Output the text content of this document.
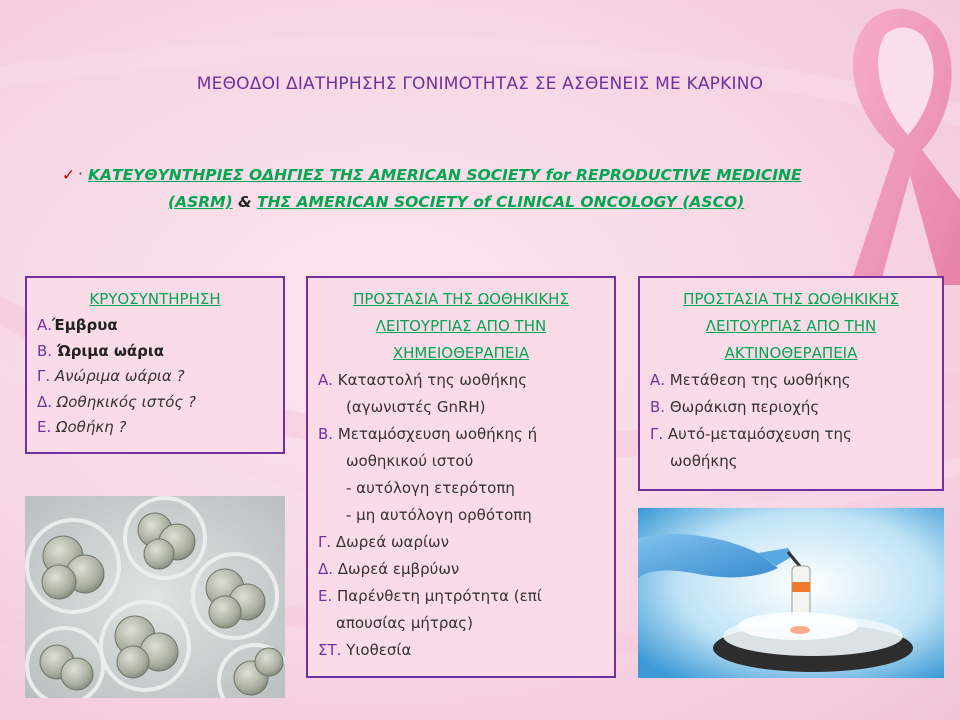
ΜΕΘΟΔΟΙ ΔΙΑΤΗΡΗΣΗΣ ΓΟΝΙΜΟΤΗΤΑΣ ΣΕ ΑΣΘΕΝΕΙΣ ΜΕ ΚΑΡΚΙΝΟ
✓ · ΚΑΤΕΥΘΥΝΤΗΡΙΕΣ ΟΔΗΓΙΕΣ ΤΗΣ AMERICAN SOCIETY for REPRODUCTIVE MEDICINE
(ASRM) & ΤΗΣ AMERICAN SOCIETY of CLINICAL ONCOLOGY (ASCO)
ΚΡΥΟΣΥΝΤΗΡΗΣΗ
Α.Έμβρυα
Β. Ώριμα ωάρια
Γ. Ανώριμα ωάρια ?
Δ. Ωοθηκικός ιστός ?
Ε. Ωοθήκη ?
ΠΡΟΣΤΑΣΙΑ ΤΗΣ ΩΟΘΗΚΙΚΗΣ ΛΕΙΤΟΥΡΓΙΑΣ ΑΠΟ ΤΗΝ ΧΗΜΕΙΟΘΕΡΑΠΕΙΑ
Α. Καταστολή της ωοθήκης
(αγωνιστές GnRH)
Β. Μεταμόσχευση ωοθήκης ή
ωοθηκικού ιστού
- αυτόλογη ετερότοπη
- μη αυτόλογη ορθότοπη
Γ. Δωρεά ωαρίων
Δ. Δωρεά εμβρύων
Ε. Παρένθετη μητρότητα (επί
απουσίας μήτρας)
ΣΤ. Υιοθεσία
ΠΡΟΣΤΑΣΙΑ ΤΗΣ ΩΟΘΗΚΙΚΗΣ ΛΕΙΤΟΥΡΓΙΑΣ ΑΠΟ ΤΗΝ ΑΚΤΙΝΟΘΕΡΑΠΕΙΑ
Α. Μετάθεση της ωοθήκης
Β. Θωράκιση περιοχής
Γ. Αυτό-μεταμόσχευση της
ωοθήκης
